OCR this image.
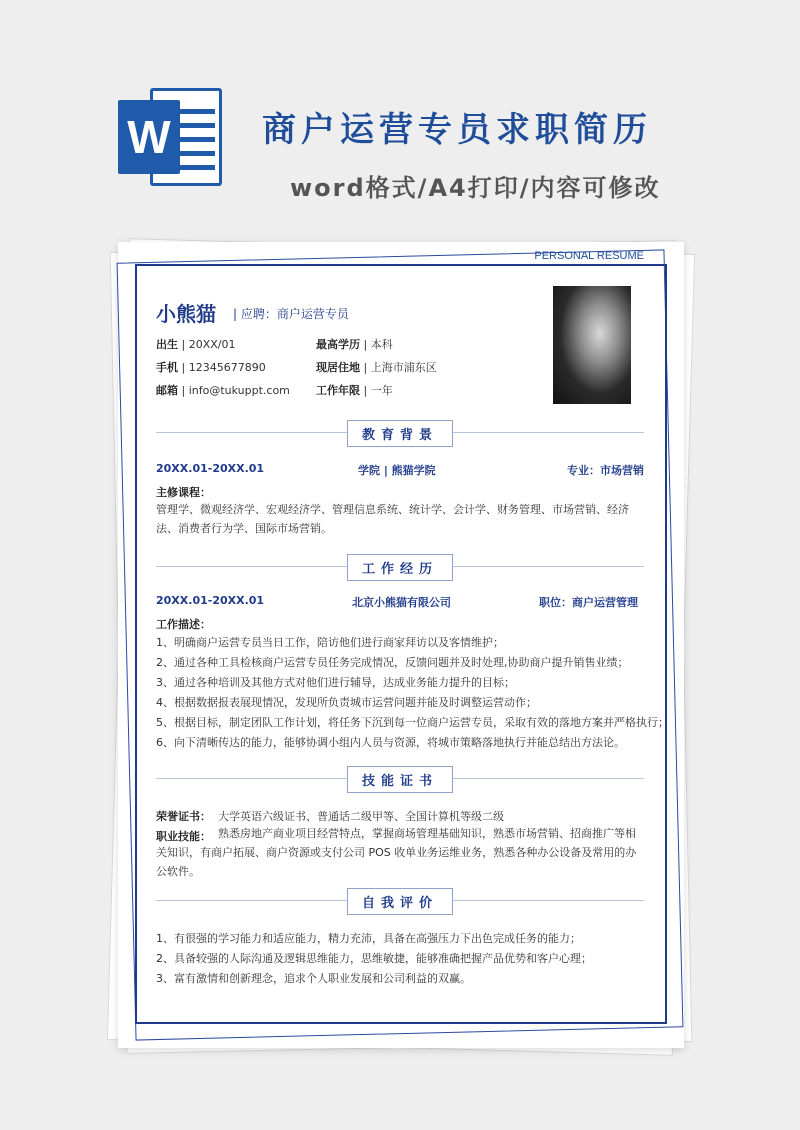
W	商户运营专员求职简历
word格式/A4打印/内容可修改
PERSONAL RESUME
小熊猫 | 应聘：商户运营专员
出生 | 20XX/01	最高学历 | 本科
手机 | 12345677890	现居住地 | 上海市浦东区
邮箱 | info@tukuppt.com 工作年限 | 一年
教育背景
20XX.01-20XX.01	学院 | 熊猫学院	专业：市场营销
主修课程：
管理学、微观经济学、宏观经济学、管理信息系统、统计学、会计学、财务管理、市场营销、经济法、消费者行为学、国际市场营销。
工作经历
20XX.01-20XX.01	北京小熊猫有限公司	职位：商户运营管理
工作描述：
1、明确商户运营专员当日工作，陪访他们进行商家拜访以及客情维护；
2、通过各种工具检核商户运营专员任务完成情况，反馈问题并及时处理,协助商户提升销售业绩；
3、通过各种培训及其他方式对他们进行辅导，达成业务能力提升的目标；
4、根据数据报表展现情况，发现所负责城市运营问题并能及时调整运营动作；
5、根据目标，制定团队工作计划，将任务下沉到每一位商户运营专员，采取有效的落地方案并严格执行；
6、向下清晰传达的能力，能够协调小组内人员与资源，将城市策略落地执行并能总结出方法论。
技能证书
荣誉证书： 大学英语六级证书、普通话二级甲等、全国计算机等级二级
职业技能： 熟悉房地产商业项目经营特点，掌握商场管理基础知识，熟悉市场营销、招商推广等相关知识，有商户拓展、商户资源或支付公司 POS 收单业务运维业务，熟悉各种办公设备及常用的办公软件。
自我评价
1、有很强的学习能力和适应能力，精力充沛，具备在高强压力下出色完成任务的能力；
2、具备较强的人际沟通及逻辑思维能力，思维敏捷，能够准确把握产品优势和客户心理；
3、富有激情和创新理念，追求个人职业发展和公司利益的双赢。
